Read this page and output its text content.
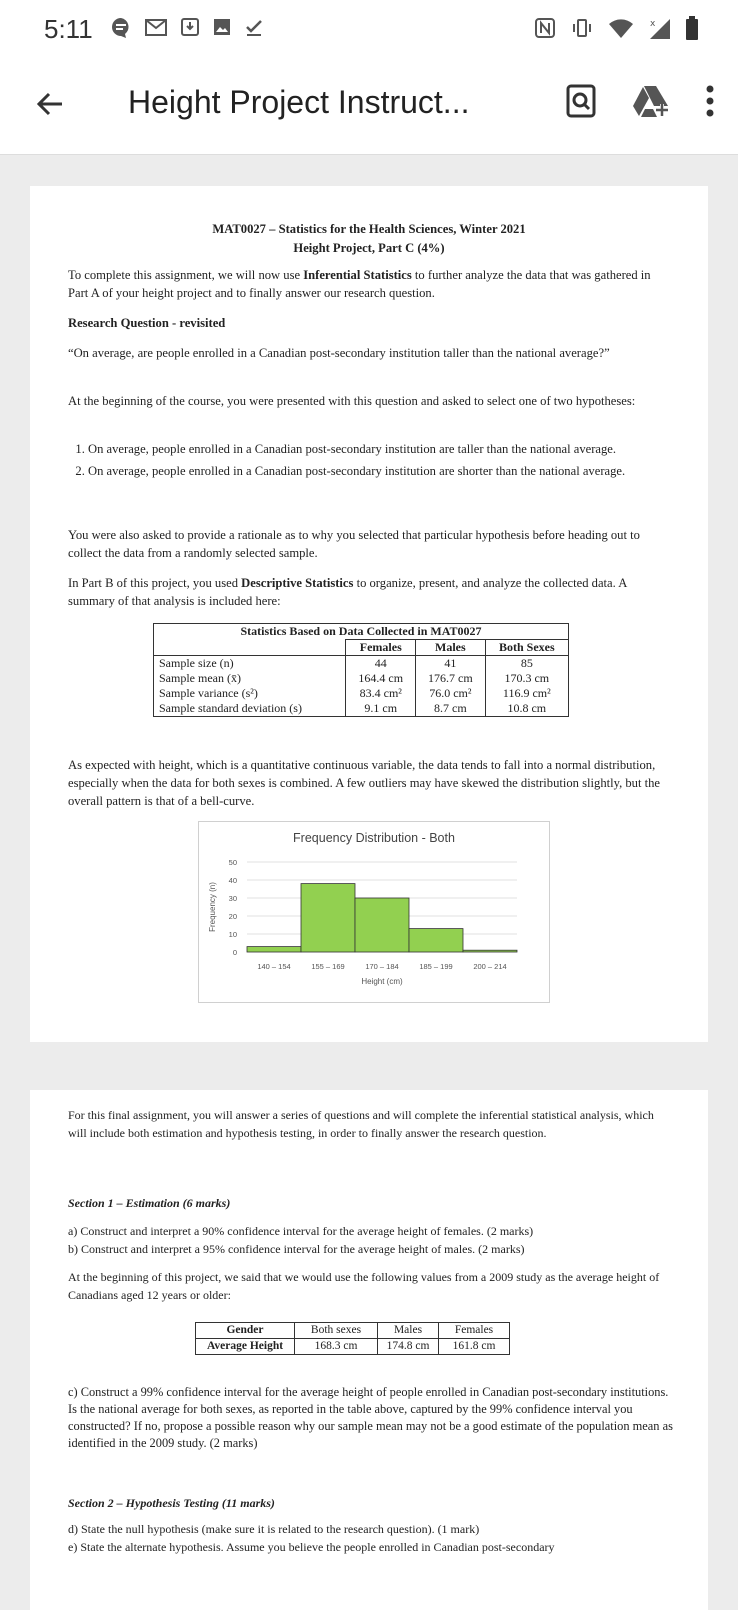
5:11	x
Height Project Instruct...
MAT0027 – Statistics for the Health Sciences, Winter 2021
Height Project, Part C (4%)

To complete this assignment, we will now use Inferential Statistics to further analyze the data that was gathered in Part A of your height project and to finally answer our research question.

Research Question - revisited

“On average, are people enrolled in a Canadian post-secondary institution taller than the national average?”

At the beginning of the course, you were presented with this question and asked to select one of two hypotheses:

1. On average, people enrolled in a Canadian post-secondary institution are taller than the national average.
2. On average, people enrolled in a Canadian post-secondary institution are shorter than the national average.

You were also asked to provide a rationale as to why you selected that particular hypothesis before heading out to collect the data from a randomly selected sample.

In Part B of this project, you used Descriptive Statistics to organize, present, and analyze the collected data. A summary of that analysis is included here:

Statistics Based on Data Collected in MAT0027			
	Females	Males	Both Sexes
Sample size (n)	44	41	85
Sample mean (x̄)	164.4 cm	176.7 cm	170.3 cm
Sample variance (s²)	83.4 cm²	76.0 cm²	116.9 cm²
Sample standard deviation (s)	9.1 cm	8.7 cm	10.8 cm

As expected with height, which is a quantitative continuous variable, the data tends to fall into a normal distribution, especially when the data for both sexes is combined. A few outliers may have skewed the distribution slightly, but the overall pattern is that of a bell-curve.

Frequency Distribution - Both
0
10
20
30
40
50
140 – 154	155 – 169	170 – 184	185 – 199	200 – 214
Height (cm)
Frequency (n)

For this final assignment, you will answer a series of questions and will complete the inferential statistical analysis, which will include both estimation and hypothesis testing, in order to finally answer the research question.

Section 1 – Estimation (6 marks)

a) Construct and interpret a 90% confidence interval for the average height of females. (2 marks)

b) Construct and interpret a 95% confidence interval for the average height of males. (2 marks)

At the beginning of this project, we said that we would use the following values from a 2009 study as the average height of Canadians aged 12 years or older:

Gender	Both sexes	Males	Females
Average Height	168.3 cm	174.8 cm	161.8 cm

c) Construct a 99% confidence interval for the average height of people enrolled in Canadian post-secondary institutions. Is the national average for both sexes, as reported in the table above, captured by the 99% confidence interval you constructed? If no, propose a possible reason why our sample mean may not be a good estimate of the population mean as identified in the 2009 study. (2 marks)

Section 2 – Hypothesis Testing (11 marks)

d) State the null hypothesis (make sure it is related to the research question). (1 mark)

e) State the alternate hypothesis. Assume you believe the people enrolled in Canadian post-secondary
